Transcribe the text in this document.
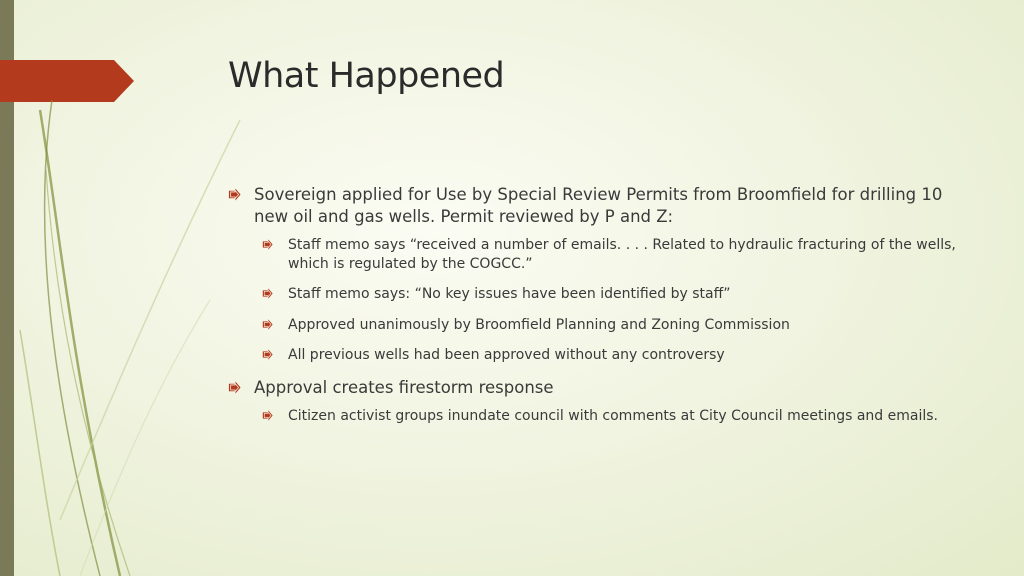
What Happened
Sovereign applied for Use by Special Review Permits from Broomfield for drilling 10 new oil and gas wells. Permit reviewed by P and Z:
Staff memo says “received a number of emails. . . . Related to hydraulic fracturing of the wells, which is regulated by the COGCC.”
Staff memo says: “No key issues have been identified by staff”
Approved unanimously by Broomfield Planning and Zoning Commission
All previous wells had been approved without any controversy
Approval creates firestorm response
Citizen activist groups inundate council with comments at City Council meetings and emails.
